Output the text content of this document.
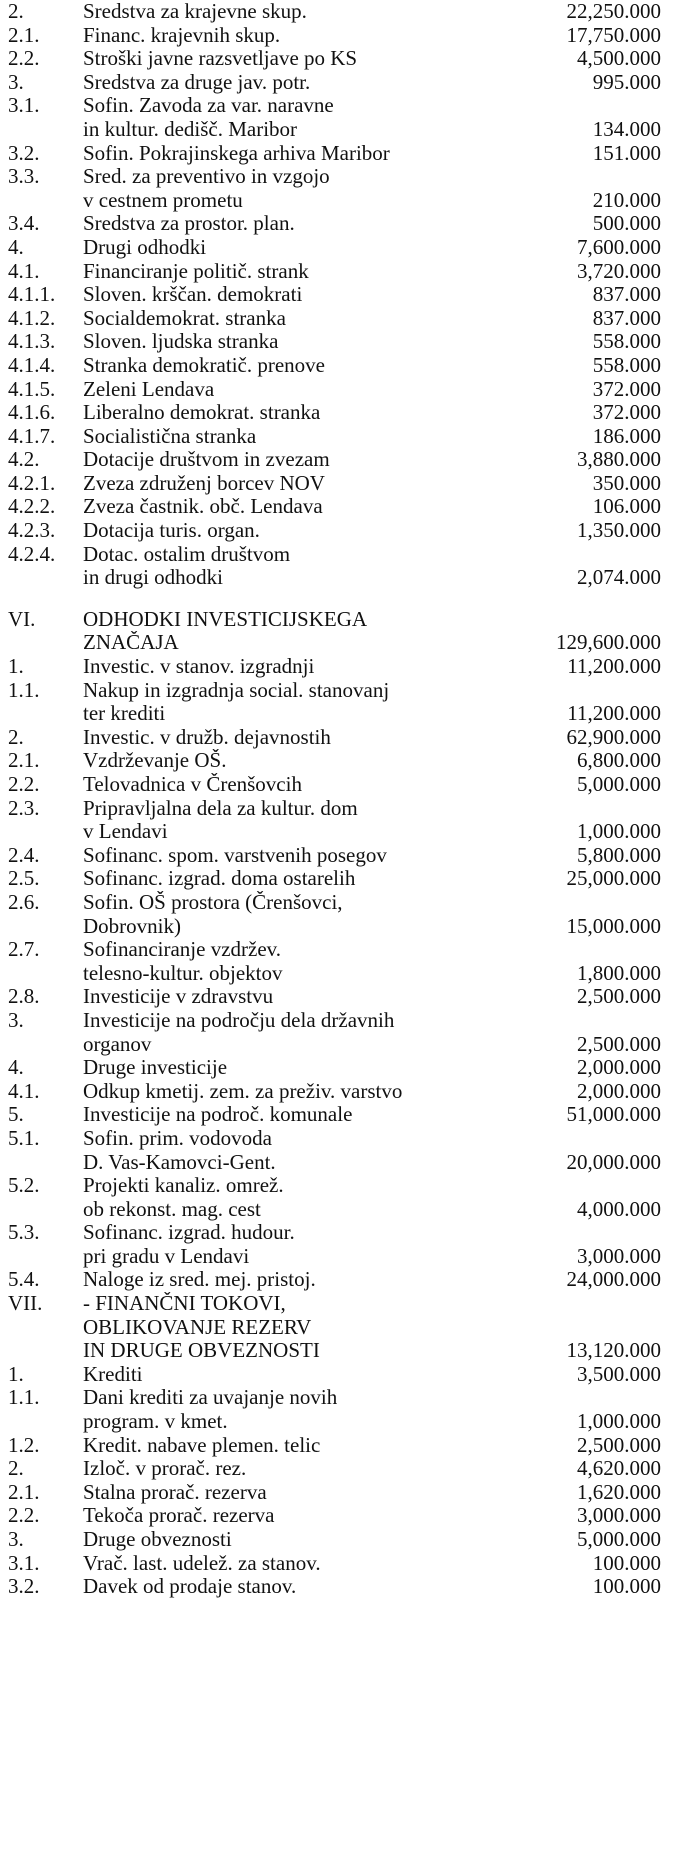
2.	Sredstva za krajevne skup.	22,250.000
2.1.	Financ. krajevnih skup.	17,750.000
2.2.	Stroški javne razsvetljave po KS	4,500.000
3.	Sredstva za druge jav. potr.	995.000
3.1.	Sofin. Zavoda za var. naravne
in kultur. dedišč. Maribor	134.000
3.2.	Sofin. Pokrajinskega arhiva Maribor	151.000
3.3.	Sred. za preventivo in vzgojo
v cestnem prometu	210.000
3.4.	Sredstva za prostor. plan.	500.000
4.	Drugi odhodki	7,600.000
4.1.	Financiranje politič. strank	3,720.000
4.1.1.	Sloven. krščan. demokrati	837.000
4.1.2.	Socialdemokrat. stranka	837.000
4.1.3.	Sloven. ljudska stranka	558.000
4.1.4.	Stranka demokratič. prenove	558.000
4.1.5.	Zeleni Lendava	372.000
4.1.6.	Liberalno demokrat. stranka	372.000
4.1.7.	Socialistična stranka	186.000
4.2.	Dotacije društvom in zvezam	3,880.000
4.2.1.	Zveza združenj borcev NOV	350.000
4.2.2.	Zveza častnik. obč. Lendava	106.000
4.2.3.	Dotacija turis. organ.	1,350.000
4.2.4.	Dotac. ostalim društvom
in drugi odhodki	2,074.000
VI.	ODHODKI INVESTICIJSKEGA
ZNAČAJA	129,600.000
1.	Investic. v stanov. izgradnji	11,200.000
1.1.	Nakup in izgradnja social. stanovanj
ter krediti	11,200.000
2.	Investic. v družb. dejavnostih	62,900.000
2.1.	Vzdrževanje OŠ.	6,800.000
2.2.	Telovadnica v Črenšovcih	5,000.000
2.3.	Pripravljalna dela za kultur. dom
v Lendavi	1,000.000
2.4.	Sofinanc. spom. varstvenih posegov	5,800.000
2.5.	Sofinanc. izgrad. doma ostarelih	25,000.000
2.6.	Sofin. OŠ prostora (Črenšovci,
Dobrovnik)	15,000.000
2.7.	Sofinanciranje vzdržev.
telesno-kultur. objektov	1,800.000
2.8.	Investicije v zdravstvu	2,500.000
3.	Investicije na področju dela državnih
organov	2,500.000
4.	Druge investicije	2,000.000
4.1.	Odkup kmetij. zem. za preživ. varstvo	2,000.000
5.	Investicije na področ. komunale	51,000.000
5.1.	Sofin. prim. vodovoda
D. Vas-Kamovci-Gent.	20,000.000
5.2.	Projekti kanaliz. omrež.
ob rekonst. mag. cest	4,000.000
5.3.	Sofinanc. izgrad. hudour.
pri gradu v Lendavi	3,000.000
5.4.	Naloge iz sred. mej. pristoj.	24,000.000
VII.	- FINANČNI TOKOVI,
OBLIKOVANJE REZERV
IN DRUGE OBVEZNOSTI	13,120.000
1.	Krediti	3,500.000
1.1.	Dani krediti za uvajanje novih
program. v kmet.	1,000.000
1.2.	Kredit. nabave plemen. telic	2,500.000
2.	Izloč. v prorač. rez.	4,620.000
2.1.	Stalna prorač. rezerva	1,620.000
2.2.	Tekoča prorač. rezerva	3,000.000
3.	Druge obveznosti	5,000.000
3.1.	Vrač. last. udelež. za stanov.	100.000
3.2.	Davek od prodaje stanov.	100.000
